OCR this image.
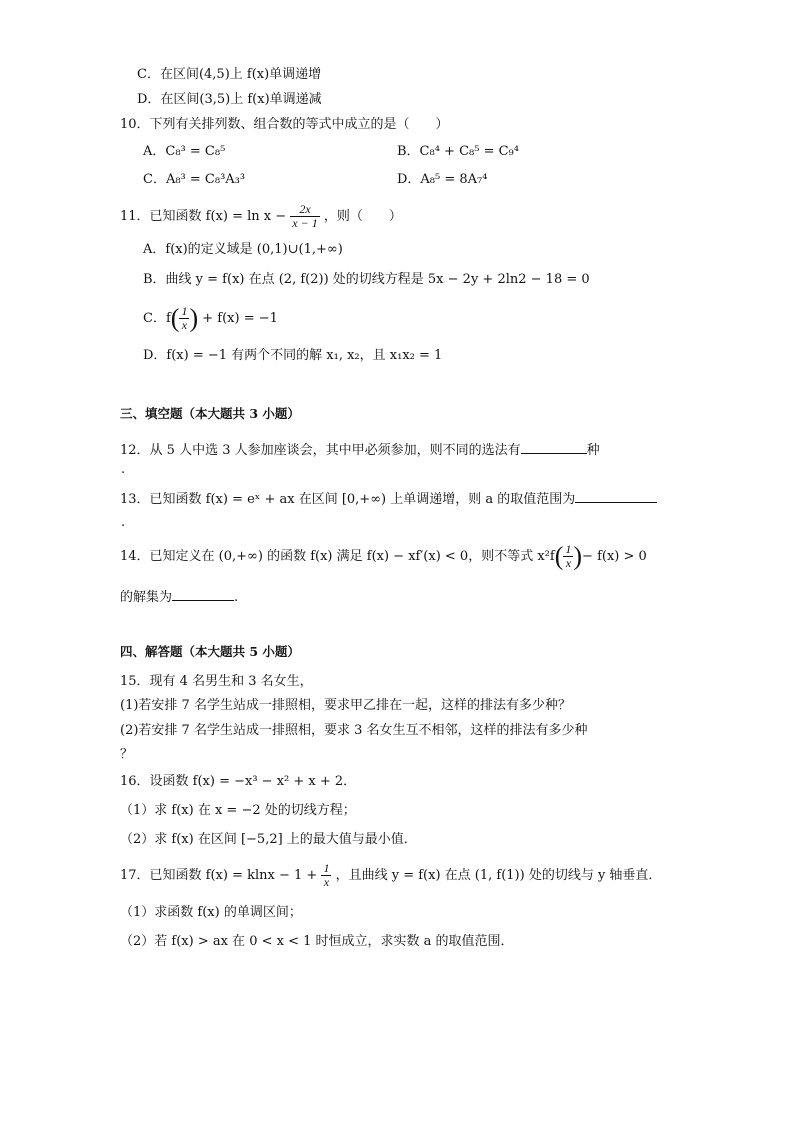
C．在区间(4,5)上 f(x)单调递增
D．在区间(3,5)上 f(x)单调递减
10．下列有关排列数、组合数的等式中成立的是（　　）
A．C₈³ = C₈⁵	B．C₈⁴ + C₈⁵ = C₉⁴
C．A₈³ = C₈³A₃³	D．A₈⁵ = 8A₇⁴
11．已知函数 $f(x) = \ln x - \frac{2x}{x - 1}$ ，则（　　）
A．f(x)的定义域是 (0,1)∪(1,+∞)
B．曲线 y = f(x) 在点 (2, f(2)) 处的切线方程是 5x − 2y + 2ln2 − 18 = 0
C．$f( \frac{1}{x}$ ) + f(x) = −1
D．f(x) = −1 有两个不同的解 x₁, x₂，且 x₁x₂ = 1
三、填空题（本大题共 3 小题）
12．从 5 人中选 3 人参加座谈会，其中甲必须参加，则不同的选法有	种
.
13．已知函数 f(x) = eˣ + ax 在区间 [0,+∞) 上单调递增，则 a 的取值范围为
.
14．已知定义在 (0,+∞) 的函数 f(x) 满足 f(x) − xf′(x) < 0，则不等式 $x^2f( \frac{1}{x}$ )− f(x) > 0
的解集为	.
四、解答题（本大题共 5 小题）
15．现有 4 名男生和 3 名女生，
(1)若安排 7 名学生站成一排照相，要求甲乙排在一起，这样的排法有多少种？
(2)若安排 7 名学生站成一排照相，要求 3 名女生互不相邻，这样的排法有多少种
？
16．设函数 f(x) = −x³ − x² + x + 2．
（1）求 f(x) 在 x = −2 处的切线方程；
（2）求 f(x) 在区间 [−5,2] 上的最大值与最小值．
17．已知函数 $f(x) = klnx - 1 + \frac{1}{x}$ ，且曲线 y = f(x) 在点 (1, f(1)) 处的切线与 y 轴垂直．
（1）求函数 f(x) 的单调区间；
（2）若 f(x) > ax 在 0 < x < 1 时恒成立，求实数 a 的取值范围．
